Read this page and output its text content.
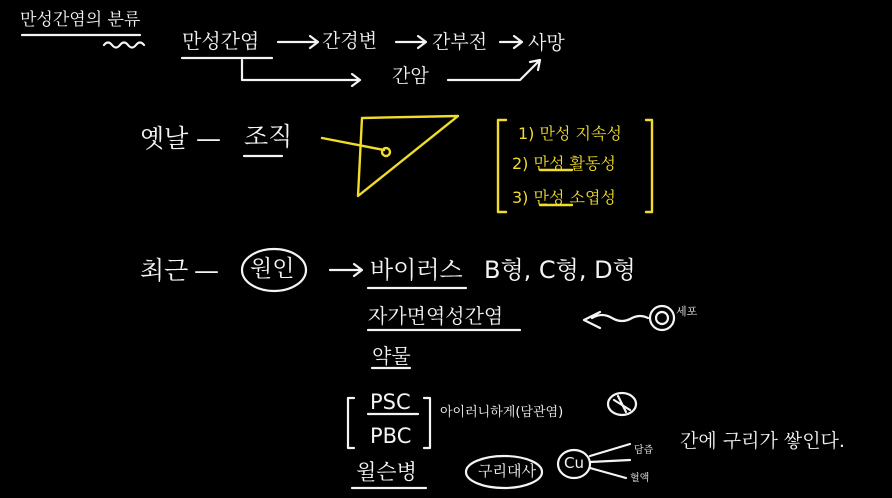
만성간염의 분류
만성간염	간경변	간부전 사망
간암
옛날 — 조직	1) 만성 지속성
2) 만성 활동성
3) 만성 소엽성
최근 — 원인	바이러스 B형, C형, D형
자가면역성간염	세포
약물
PSC
PBC
아이러니하게(담관염)
윌슨병	구리대사 Cu
담즙
혈액
간에 구리가 쌓인다.
